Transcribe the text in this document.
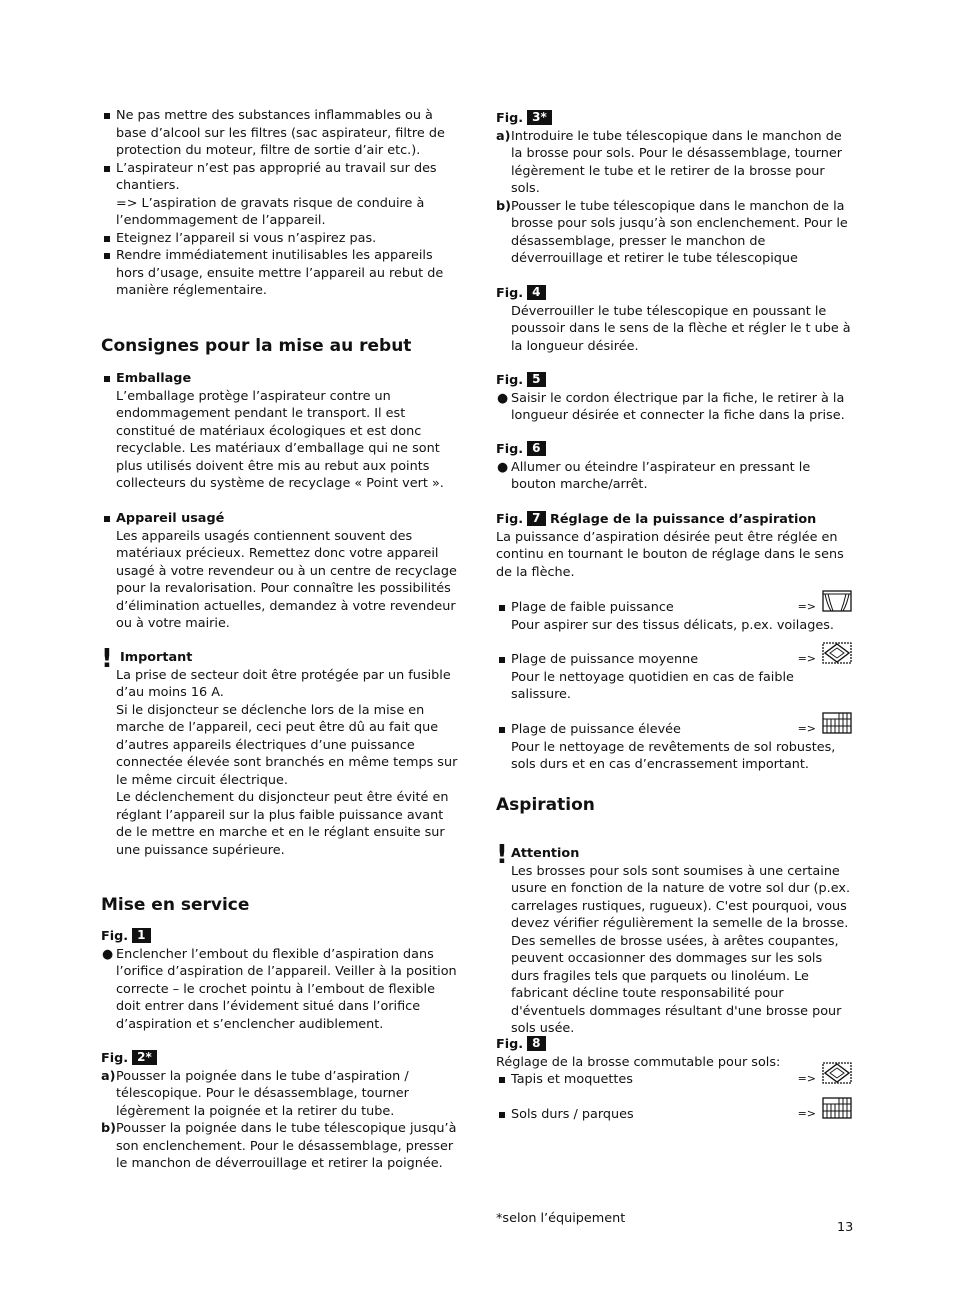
Ne pas mettre des substances inflammables ou à base d’alcool sur les filtres (sac aspirateur, filtre de protection du moteur, filtre de sortie d’air etc.).
L’aspirateur n’est pas approprié au travail sur des chantiers.
=> L’aspiration de gravats risque de conduire à l’endommagement de l’appareil.
Eteignez l’appareil si vous n’aspirez pas.
Rendre immédiatement inutilisables les appareils hors d’usage, ensuite mettre l’appareil au rebut de manière réglementaire.
Consignes pour la mise au rebut
Emballage
L’emballage protège l’aspirateur contre un endommagement pendant le transport. Il est constitué de matériaux écologiques et est donc recyclable. Les matériaux d’emballage qui ne sont plus utilisés doivent être mis au rebut aux points collecteurs du système de recyclage « Point vert ».
Appareil usagé
Les appareils usagés contiennent souvent des matériaux précieux. Remettez donc votre appareil usagé à votre revendeur ou à un centre de recyclage pour la revalorisation. Pour connaître les possibilités d’élimination actuelles, demandez à votre revendeur ou à votre mairie.
! Important
La prise de secteur doit être protégée par un fusible d’au moins 16 A.
Si le disjoncteur se déclenche lors de la mise en marche de l’appareil, ceci peut être dû au fait que d’autres appareils électriques d’une puissance connectée élevée sont branchés en même temps sur le même circuit électrique.
Le déclenchement du disjoncteur peut être évité en réglant l’appareil sur la plus faible puissance avant de le mettre en marche et en le réglant ensuite sur une puissance supérieure.
Mise en service
Fig. 1
● Enclencher l’embout du flexible d’aspiration dans l’orifice d’aspiration de l’appareil. Veiller à la position correcte – le crochet pointu à l’embout de flexible doit entrer dans l’évidement situé dans l’orifice d’aspiration et s’enclencher audiblement.
Fig. 2*
a) Pousser la poignée dans le tube d’aspiration / télescopique. Pour le désassemblage, tourner légèrement la poignée et la retirer du tube.
b) Pousser la poignée dans le tube télescopique jusqu’à son enclenchement. Pour le désassemblage, presser le manchon de déverrouillage et retirer la poignée.
Fig. 3*
a) Introduire le tube télescopique dans le manchon de la brosse pour sols. Pour le désassemblage, tourner légèrement le tube et le retirer de la brosse pour sols.
b) Pousser le tube télescopique dans le manchon de la brosse pour sols jusqu’à son enclenchement. Pour le désassemblage, presser le manchon de déverrouillage et retirer le tube télescopique
Fig. 4
Déverrouiller le tube télescopique en poussant le poussoir dans le sens de la flèche et régler le t ube à la longueur désirée.
Fig. 5
● Saisir le cordon électrique par la fiche, le retirer à la longueur désirée et connecter la fiche dans la prise.
Fig. 6
● Allumer ou éteindre l’aspirateur en pressant le bouton marche/arrêt.
Fig. 7 Réglage de la puissance d’aspiration
La puissance d’aspiration désirée peut être réglée en continu en tournant le bouton de réglage dans le sens de la flèche.
Plage de faible puissance	=>
Pour aspirer sur des tissus délicats, p.ex. voilages.
Plage de puissance moyenne	=>
Pour le nettoyage quotidien en cas de faible salissure.
Plage de puissance élevée	=>
Pour le nettoyage de revêtements de sol robustes, sols durs et en cas d’encrassement important.
Aspiration
! Attention
Les brosses pour sols sont soumises à une certaine usure en fonction de la nature de votre sol dur (p.ex. carrelages rustiques, rugueux). C'est pourquoi, vous devez vérifier régulièrement la semelle de la brosse. Des semelles de brosse usées, à arêtes coupantes, peuvent occasionner des dommages sur les sols durs fragiles tels que parquets ou linoléum. Le fabricant décline toute responsabilité pour d'éventuels dommages résultant d'une brosse pour sols usée.
Fig. 8
Réglage de la brosse commutable pour sols:
Tapis et moquettes	=>
Sols durs / parques	=>
*selon l’équipement
13
